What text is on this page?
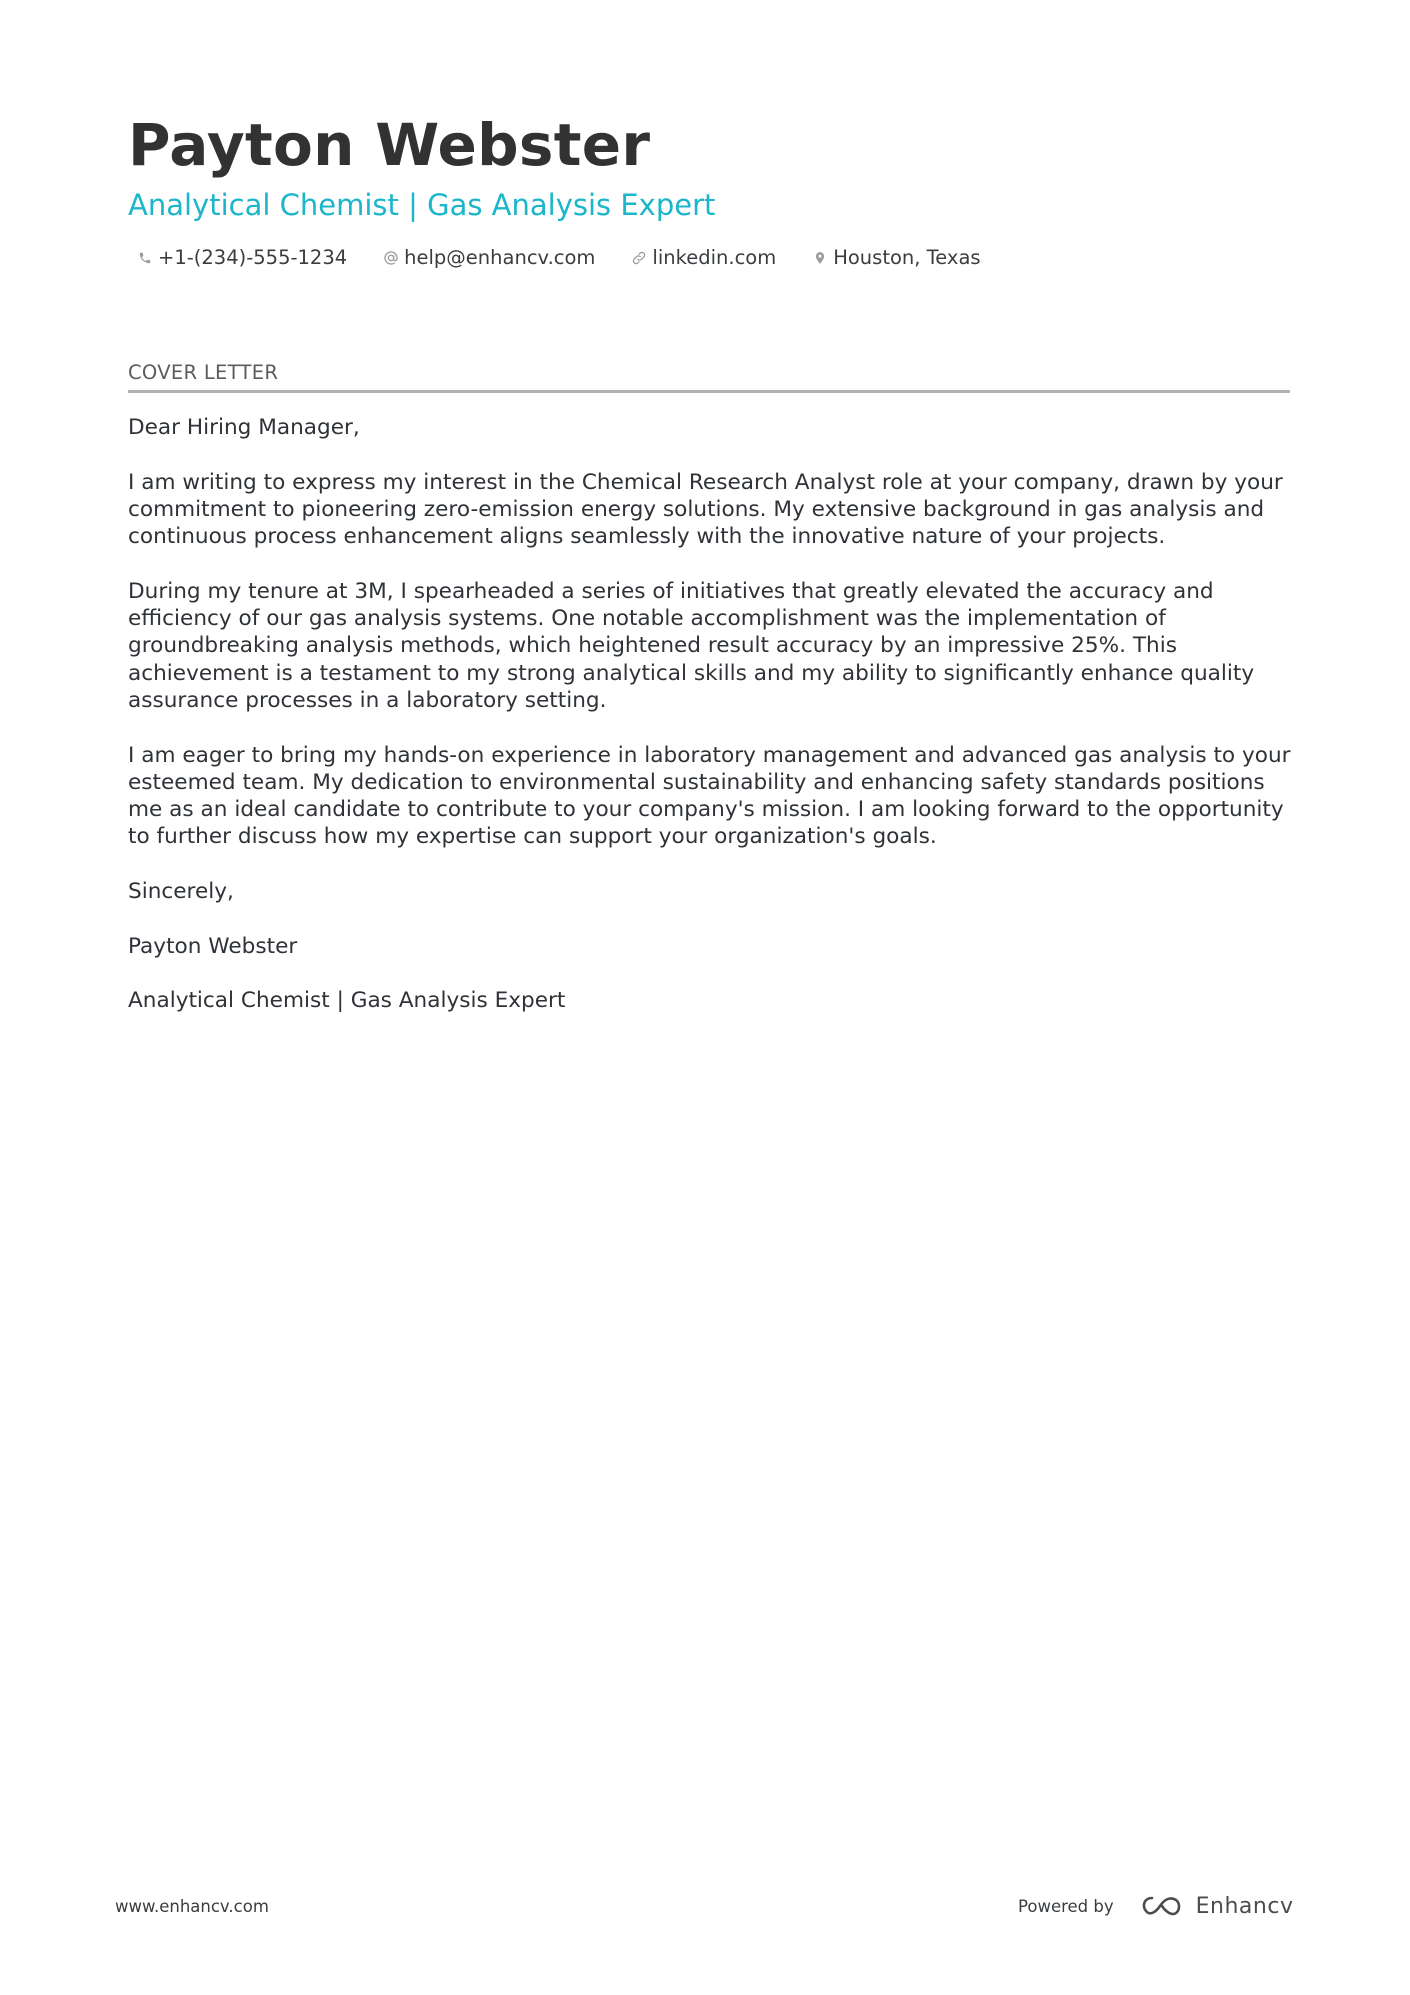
Payton Webster
Analytical Chemist | Gas Analysis Expert
+1-(234)-555-1234	help@enhancv.com	linkedin.com	Houston, Texas
COVER LETTER

Dear Hiring Manager,

I am writing to express my interest in the Chemical Research Analyst role at your company, drawn by your commitment to pioneering zero-emission energy solutions. My extensive background in gas analysis and continuous process enhancement aligns seamlessly with the innovative nature of your projects.

During my tenure at 3M, I spearheaded a series of initiatives that greatly elevated the accuracy and efficiency of our gas analysis systems. One notable accomplishment was the implementation of groundbreaking analysis methods, which heightened result accuracy by an impressive 25%. This achievement is a testament to my strong analytical skills and my ability to significantly enhance quality assurance processes in a laboratory setting.

I am eager to bring my hands-on experience in laboratory management and advanced gas analysis to your esteemed team. My dedication to environmental sustainability and enhancing safety standards positions me as an ideal candidate to contribute to your company's mission. I am looking forward to the opportunity to further discuss how my expertise can support your organization's goals.

Sincerely,

Payton Webster

Analytical Chemist | Gas Analysis Expert

www.enhancv.com	Powered by	Enhancv
